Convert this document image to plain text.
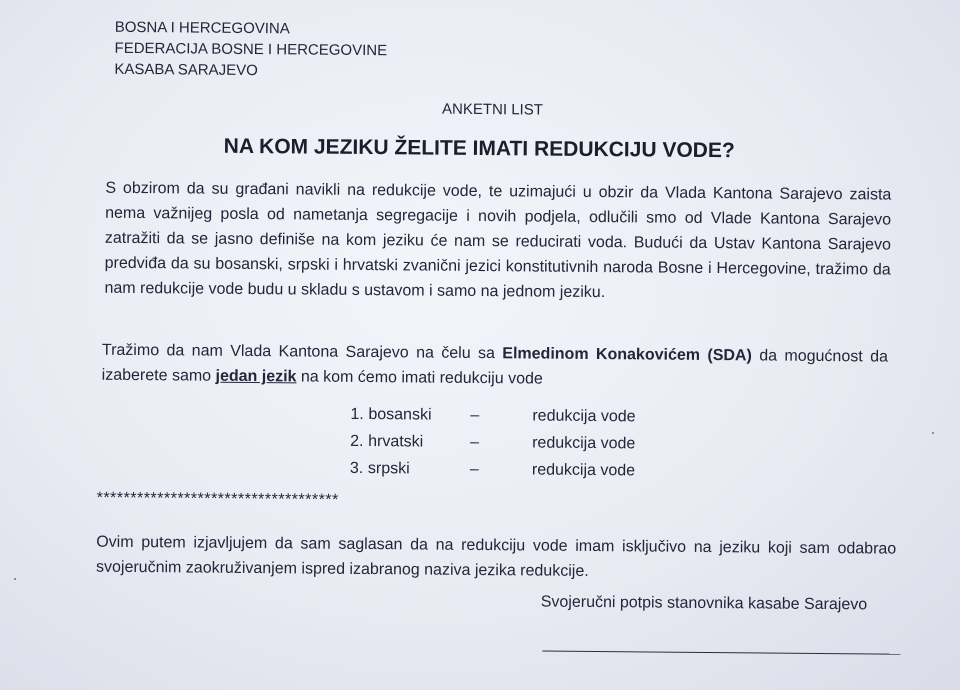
BOSNA I HERCEGOVINA
FEDERACIJA BOSNE I HERCEGOVINE
KASABA SARAJEVO
ANKETNI LIST
NA KOM JEZIKU ŽELITE IMATI REDUKCIJU VODE?
S obzirom da su građani navikli na redukcije vode, te uzimajući u obzir da Vlada Kantona Sarajevo zaista nema važnijeg posla od nametanja segregacije i novih podjela, odlučili smo od Vlade Kantona Sarajevo zatražiti da se jasno definiše na kom jeziku će nam se reducirati voda. Budući da Ustav Kantona Sarajevo predviđa da su bosanski, srpski i hrvatski zvanični jezici konstitutivnih naroda Bosne i Hercegovine, tražimo da nam redukcije vode budu u skladu s ustavom i samo na jednom jeziku.
Tražimo da nam Vlada Kantona Sarajevo na čelu sa Elmedinom Konakovićem (SDA) da mogućnost da izaberete samo jedan jezik na kom ćemo imati redukciju vode
1. bosanski	–	redukcija vode
2. hrvatski	–	redukcija vode
3. srpski	–	redukcija vode
************************************
Ovim putem izjavljujem da sam saglasan da na redukciju vode imam isključivo na jeziku koji sam odabrao svojeručnim zaokruživanjem ispred izabranog naziva jezika redukcije.
Svojeručni potpis stanovnika kasabe Sarajevo
